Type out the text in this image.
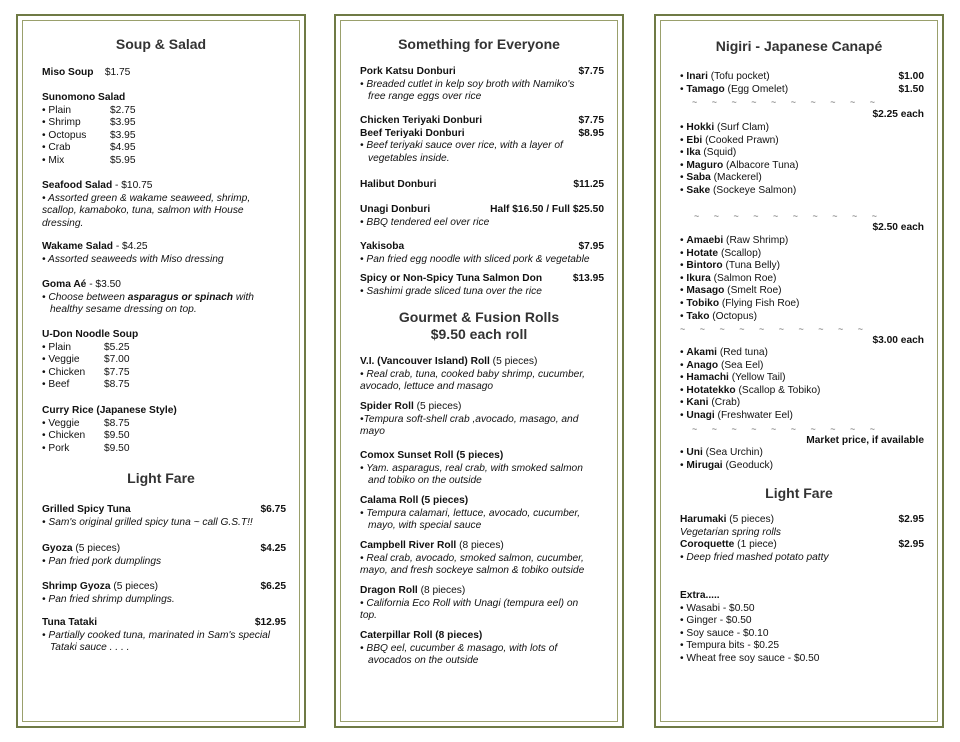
Soup & Salad
Miso Soup $1.75
Sunomono Salad
• Plain	$2.75
• Shrimp	$3.95
• Octopus $3.95
• Crab	$4.95
• Mix	$5.95
Seafood Salad - $10.75
• Assorted green & wakame seaweed, shrimp,
scallop, kamaboko, tuna, salmon with House
dressing.
Wakame Salad - $4.25
• Assorted seaweeds with Miso dressing
Goma Aé - $3.50
• Choose between asparagus or spinach with
healthy sesame dressing on top.
U-Don Noodle Soup
• Plain	$5.25
• Veggie $7.00
• Chicken $7.75
• Beef	$8.75
Curry Rice (Japanese Style)
• Veggie $8.75
• Chicken $9.50
• Pork	$9.50
Light Fare
Grilled Spicy Tuna	$6.75
• Sam's original grilled spicy tuna ~ call G.S.T!!
Gyoza (5 pieces)	$4.25
• Pan fried pork dumplings
Shrimp Gyoza (5 pieces)	$6.25
• Pan fried shrimp dumplings.
Tuna Tataki	$12.95
• Partially cooked tuna, marinated in Sam's special
Tataki sauce . . . .
Something for Everyone
Pork Katsu Donburi	$7.75
• Breaded cutlet in kelp soy broth with Namiko's
free range eggs over rice
Chicken Teriyaki Donburi	$7.75
Beef Teriyaki Donburi	$8.95
• Beef teriyaki sauce over rice, with a layer of
vegetables inside.
Halibut Donburi	$11.25
Unagi Donburi	Half $16.50 / Full $25.50
• BBQ tendered eel over rice
Yakisoba	$7.95
• Pan fried egg noodle with sliced pork & vegetable
Spicy or Non-Spicy Tuna Salmon Don	$13.95
• Sashimi grade sliced tuna over the rice
Gourmet & Fusion Rolls
$9.50 each roll
V.I. (Vancouver Island) Roll (5 pieces)
• Real crab, tuna, cooked baby shrimp, cucumber,
avocado, lettuce and masago
Spider Roll (5 pieces)
•Tempura soft-shell crab ,avocado, masago, and
mayo
Comox Sunset Roll (5 pieces)
• Yam. asparagus, real crab, with smoked salmon
and tobiko on the outside
Calama Roll (5 pieces)
• Tempura calamari, lettuce, avocado, cucumber,
mayo, with special sauce
Campbell River Roll (8 pieces)
• Real crab, avocado, smoked salmon, cucumber,
mayo, and fresh sockeye salmon & tobiko outside
Dragon Roll (8 pieces)
• California Eco Roll with Unagi (tempura eel) on
top.
Caterpillar Roll (8 pieces)
• BBQ eel, cucumber & masago, with lots of
avocados on the outside
Nigiri - Japanese Canapé
• Inari (Tofu pocket)	$1.00
• Tamago (Egg Omelet)	$1.50
~ ~ ~ ~ ~ ~ ~ ~ ~ ~
$2.25 each
• Hokki (Surf Clam)
• Ebi (Cooked Prawn)
• Ika (Squid)
• Maguro (Albacore Tuna)
• Saba (Mackerel)
• Sake (Sockeye Salmon)
~ ~ ~ ~ ~ ~ ~ ~ ~ ~
$2.50 each
• Amaebi (Raw Shrimp)
• Hotate (Scallop)
• Bintoro (Tuna Belly)
• Ikura (Salmon Roe)
• Masago (Smelt Roe)
• Tobiko (Flying Fish Roe)
• Tako (Octopus)
~ ~ ~ ~ ~ ~ ~ ~ ~ ~
$3.00 each
• Akami (Red tuna)
• Anago (Sea Eel)
• Hamachi (Yellow Tail)
• Hotatekko (Scallop & Tobiko)
• Kani (Crab)
• Unagi (Freshwater Eel)
~ ~ ~ ~ ~ ~ ~ ~ ~ ~
Market price, if available
• Uni (Sea Urchin)
• Mirugai (Geoduck)
Light Fare
Harumaki (5 pieces)	$2.95
Vegetarian spring rolls
Coroquette (1 piece)	$2.95
• Deep fried mashed potato patty
Extra.....
• Wasabi - $0.50
• Ginger - $0.50
• Soy sauce - $0.10
• Tempura bits - $0.25
• Wheat free soy sauce - $0.50
